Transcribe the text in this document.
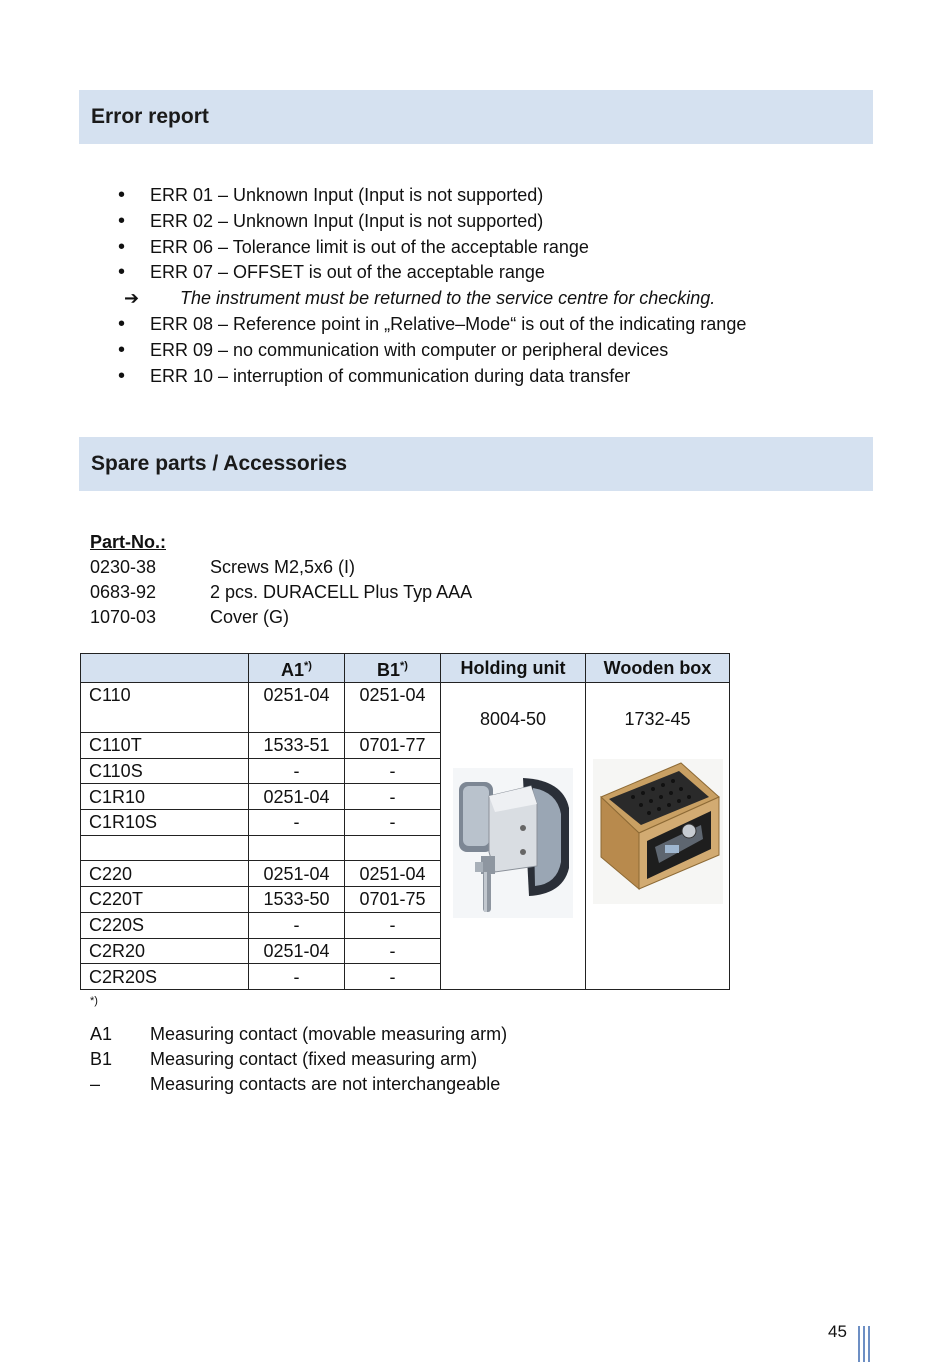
Error report
• ERR 01 – Unknown Input (Input is not supported)
• ERR 02 – Unknown Input (Input is not supported)
• ERR 06 – Tolerance limit is out of the acceptable range
• ERR 07 – OFFSET is out of the acceptable range
➔ The instrument must be returned to the service centre for checking.
• ERR 08 – Reference point in „Relative–Mode“ is out of the indicating range
• ERR 09 – no communication with computer or peripheral devices
• ERR 10 – interruption of communication during data transfer
Spare parts / Accessories
Part-No.:
0230-38	Screws M2,5x6 (I)
0683-92	2 pcs. DURACELL Plus Typ AAA
1070-03	Cover (G)
	A1*)	B1*)	Holding unit	Wooden box
C110	0251-04	0251-04	8004-50	1732-45

C110T	1533-51	0701-77		
C110S	-	-		
C1R10	0251-04	-		
C1R10S	-	-		

C220	0251-04	0251-04		
C220T	1533-50	0701-75		
C220S	-	-		
C2R20	0251-04	-		
C2R20S	-	-		
*)
A1	Measuring contact (movable measuring arm)
B1	Measuring contact (fixed measuring arm)
–	Measuring contacts are not interchangeable
45
